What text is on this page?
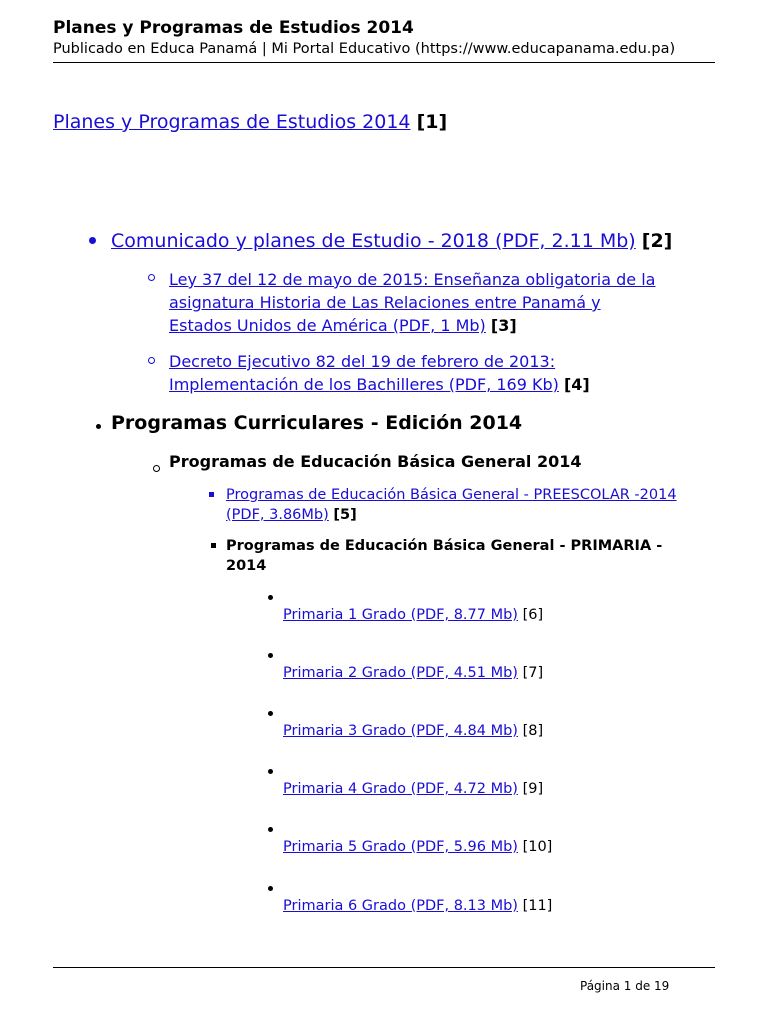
Planes y Programas de Estudios 2014
Publicado en Educa Panamá | Mi Portal Educativo (https://www.educapanama.edu.pa)
Planes y Programas de Estudios 2014 [1]
Comunicado y planes de Estudio - 2018 (PDF, 2.11 Mb) [2]
Ley 37 del 12 de mayo de 2015: Enseñanza obligatoria de la
asignatura Historia de Las Relaciones entre Panamá y
Estados Unidos de América (PDF, 1 Mb) [3]
Decreto Ejecutivo 82 del 19 de febrero de 2013:
Implementación de los Bachilleres (PDF, 169 Kb) [4]
Programas Curriculares - Edición 2014
Programas de Educación Básica General 2014
Programas de Educación Básica General - PREESCOLAR -2014
(PDF, 3.86Mb) [5]
Programas de Educación Básica General - PRIMARIA -
2014
Primaria 1 Grado (PDF, 8.77 Mb) [6]
Primaria 2 Grado (PDF, 4.51 Mb) [7]
Primaria 3 Grado (PDF, 4.84 Mb) [8]
Primaria 4 Grado (PDF, 4.72 Mb) [9]
Primaria 5 Grado (PDF, 5.96 Mb) [10]
Primaria 6 Grado (PDF, 8.13 Mb) [11]
Página 1 de 19
